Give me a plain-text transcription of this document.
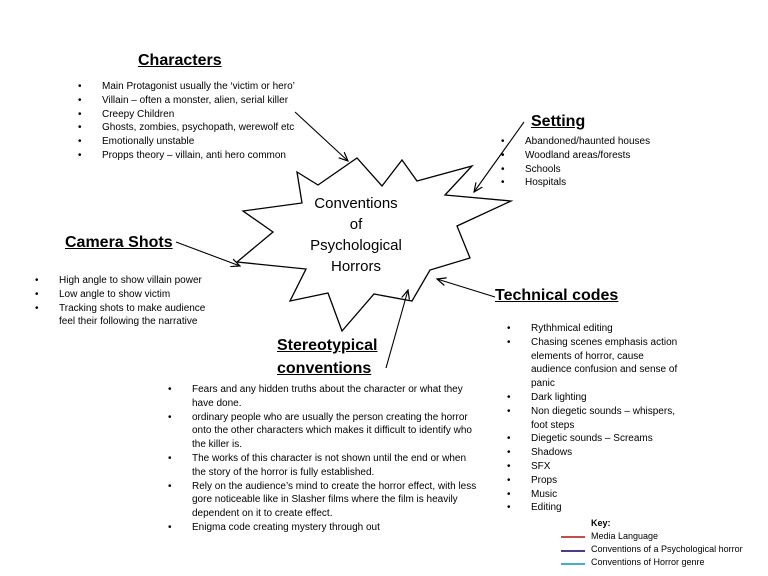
Conventions
of
Psychological
Horrors
Characters
• Main Protagonist usually the ‘victim or hero’
• Villain – often a monster, alien, serial killer
• Creepy Children
• Ghosts, zombies, psychopath, werewolf etc
• Emotionally unstable
• Propps theory – villain, anti hero common
Setting
• Abandoned/haunted houses
• Woodland areas/forests
• Schools
• Hospitals
Camera Shots
• High angle to show villain power
• Low angle to show victim
• Tracking shots to make audience feel their following the narrative
Technical codes
• Rythhmical editing
• Chasing scenes emphasis action elements of horror, cause audience confusion and sense of panic
• Dark lighting
• Non diegetic sounds – whispers, foot steps
• Diegetic sounds – Screams
• Shadows
• SFX
• Props
• Music
• Editing
Stereotypical
conventions
• Fears and any hidden truths about the character or what they have done.
• ordinary people who are usually the person creating the horror onto the other characters which makes it difficult to identify who the killer is.
• The works of this character is not shown until the end or when the story of the horror is fully established.
• Rely on the audience’s mind to create the horror effect, with less gore noticeable like in Slasher films where the film is heavily dependent on it to create effect.
• Enigma code creating mystery through out	Key:
Media Language
Conventions of a Psychological horror
Conventions of Horror genre
